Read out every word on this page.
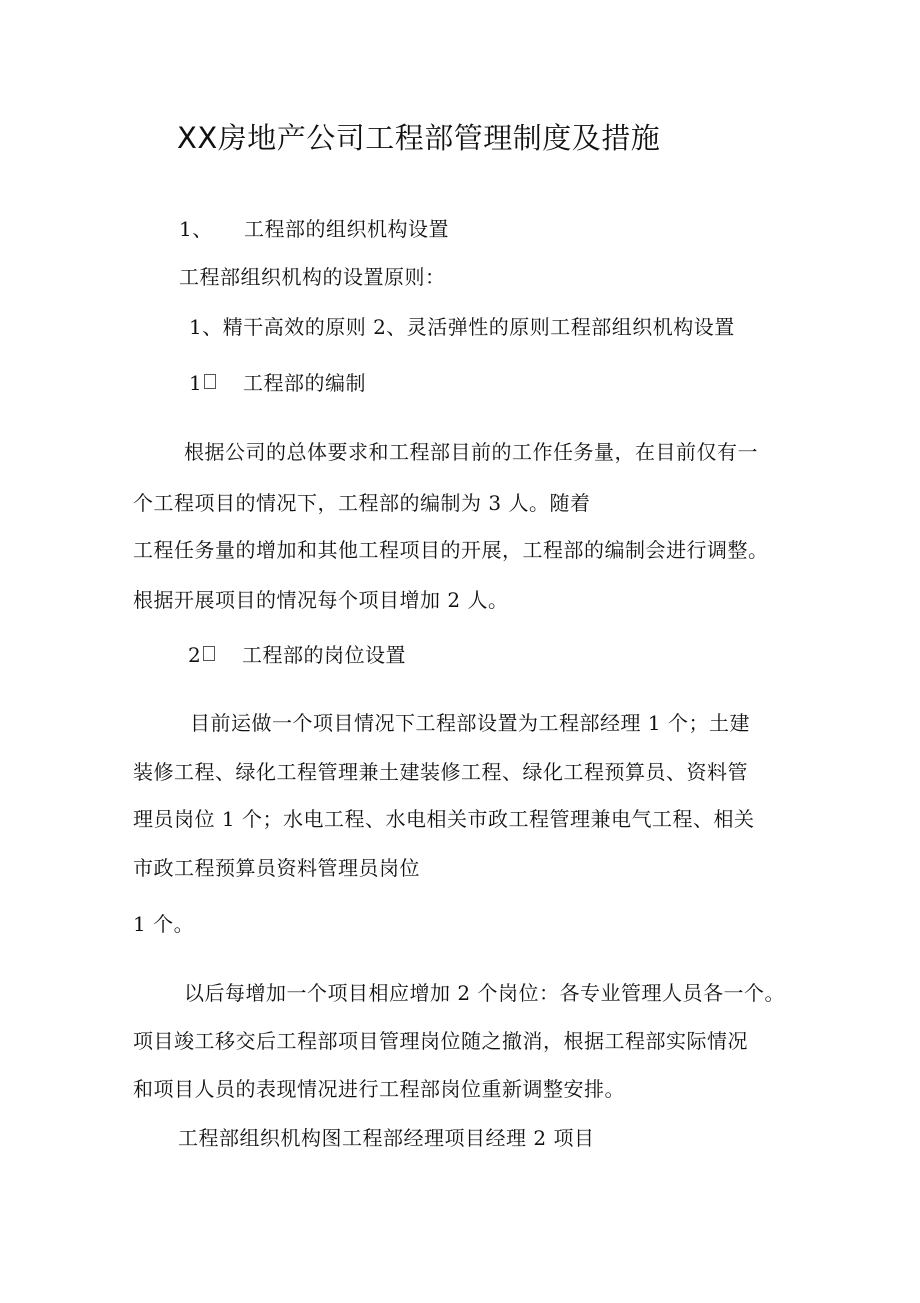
XX房地产公司工程部管理制度及措施
1、 工程部的组织机构设置
工程部组织机构的设置原则：
1、精干高效的原则 2、灵活弹性的原则工程部组织机构设置
1 工程部的编制
根据公司的总体要求和工程部目前的工作任务量，在目前仅有一
个工程项目的情况下，工程部的编制为 3 人。随着
工程任务量的增加和其他工程项目的开展，工程部的编制会进行调整。
根据开展项目的情况每个项目增加 2 人。
2 工程部的岗位设置
目前运做一个项目情况下工程部设置为工程部经理 1 个；土建
装修工程、绿化工程管理兼土建装修工程、绿化工程预算员、资料管
理员岗位 1 个；水电工程、水电相关市政工程管理兼电气工程、相关
市政工程预算员资料管理员岗位
1 个。
以后每增加一个项目相应增加 2 个岗位：各专业管理人员各一个。
项目竣工移交后工程部项目管理岗位随之撤消，根据工程部实际情况
和项目人员的表现情况进行工程部岗位重新调整安排。
工程部组织机构图工程部经理项目经理 2 项目
